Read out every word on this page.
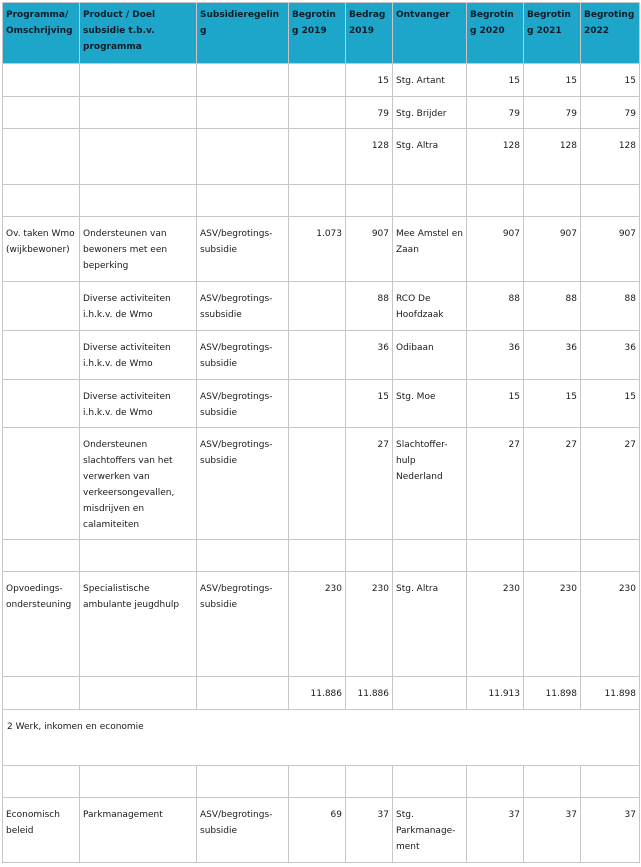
Programma/ Omschrijving	Product / Doel subsidie t.b.v. programma	Subsidieregeling	Begroting 2019	Bedrag 2019	Ontvanger	Begroting 2020	Begroting 2021	Begroting 2022
				15	Stg. Artant	15	15	15
				79	Stg. Brijder	79	79	79
				128	Stg. Altra	128	128	128

Ov. taken Wmo (wijkbewoner)	Ondersteunen van bewoners met een beperking	ASV/begrotings-subsidie	1.073	907	Mee Amstel en Zaan	907	907	907
	Diverse activiteiten i.h.k.v. de Wmo	ASV/begrotings-ssubsidie		88	RCO De Hoofdzaak	88	88	88
	Diverse activiteiten i.h.k.v. de Wmo	ASV/begrotings-subsidie		36	Odibaan	36	36	36
	Diverse activiteiten i.h.k.v. de Wmo	ASV/begrotings-subsidie		15	Stg. Moe	15	15	15
	Ondersteunen slachtoffers van het verwerken van verkeersongevallen, misdrijven en calamiteiten	ASV/begrotings-subsidie		27	Slachtoffer-hulp Nederland	27	27	27

Opvoedings-ondersteuning	Specialistische ambulante jeugdhulp	ASV/begrotings-subsidie	230	230	Stg. Altra	230	230	230
			11.886	11.886		11.913	11.898	11.898
2 Werk, inkomen en economie								

Economisch beleid	Parkmanagement	ASV/begrotings-subsidie	69	37	Stg. Parkmanage-ment	37	37	37
